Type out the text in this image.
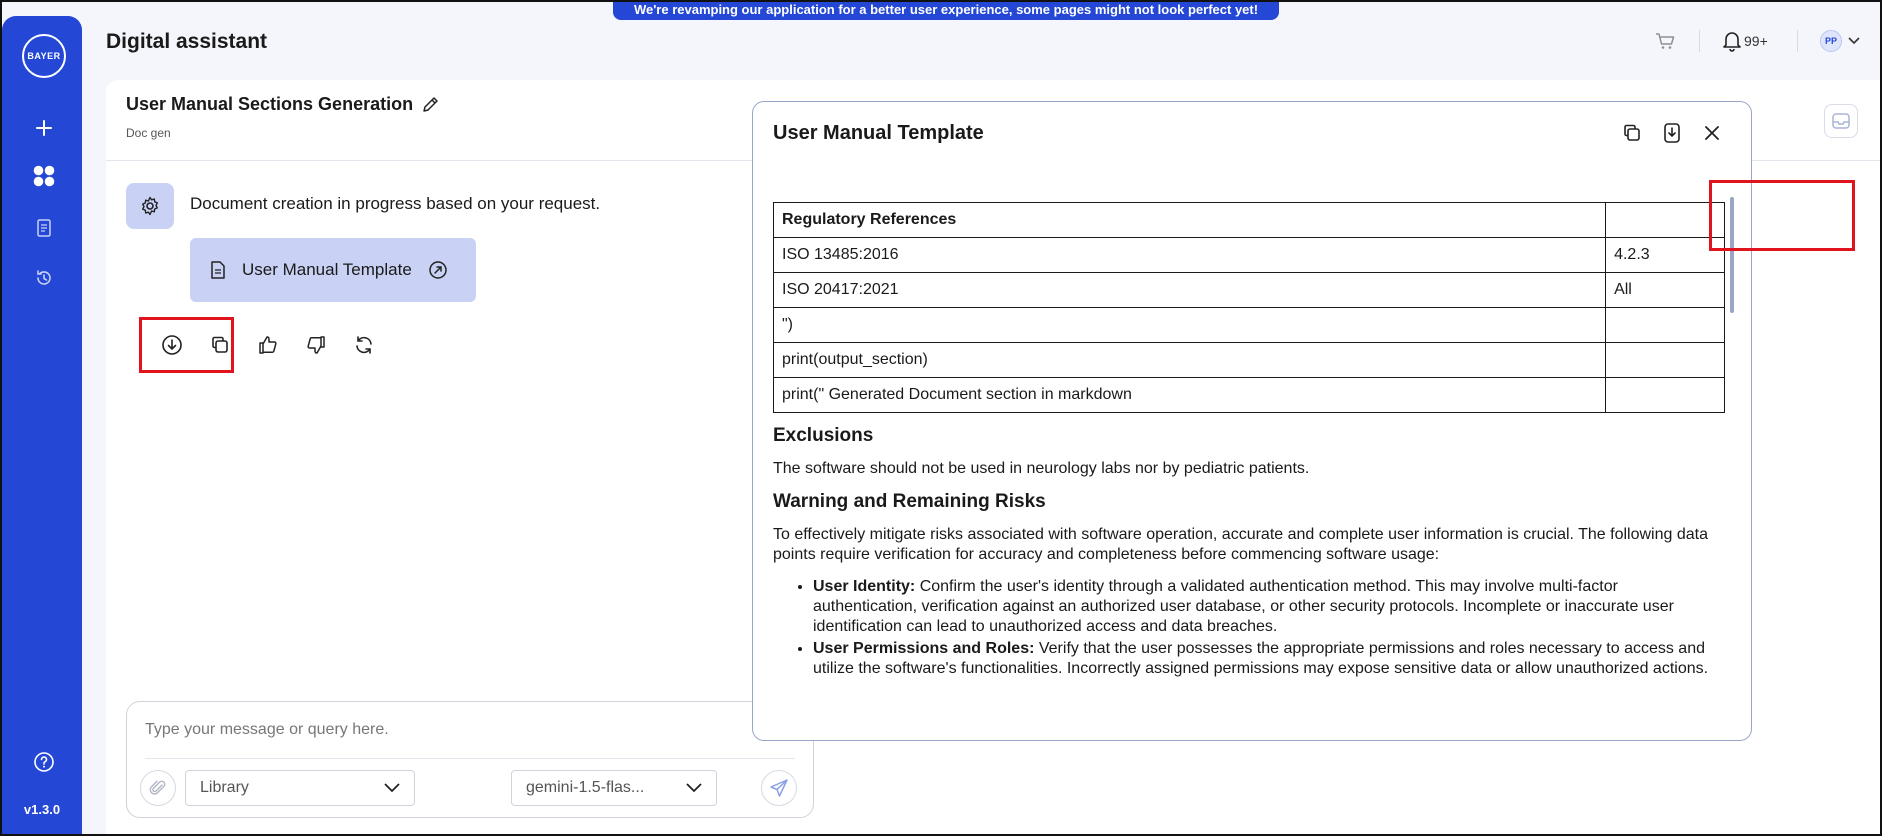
BAYER
v1.3.0
We're revamping our application for a better user experience, some pages might not look perfect yet!
Digital assistant	99+	PP
User Manual Sections Generation
Doc gen
Document creation in progress based on your request.
User Manual Template
Type your message or query here.
Library	gemini-1.5-flas...
User Manual Template
Regulatory References	
ISO 13485:2016	4.2.3
ISO 20417:2021	All
")	
print(output_section)	
print(" Generated Document section in markdown	
Exclusions
The software should not be used in neurology labs nor by pediatric patients.
Warning and Remaining Risks
To effectively mitigate risks associated with software operation, accurate and complete user information is crucial. The following data points require verification for accuracy and completeness before commencing software usage:
• User Identity: Confirm the user's identity through a validated authentication method. This may involve multi-factor authentication, verification against an authorized user database, or other security protocols. Incomplete or inaccurate user identification can lead to unauthorized access and data breaches.
• User Permissions and Roles: Verify that the user possesses the appropriate permissions and roles necessary to access and utilize the software's functionalities. Incorrectly assigned permissions may expose sensitive data or allow unauthorized actions.
